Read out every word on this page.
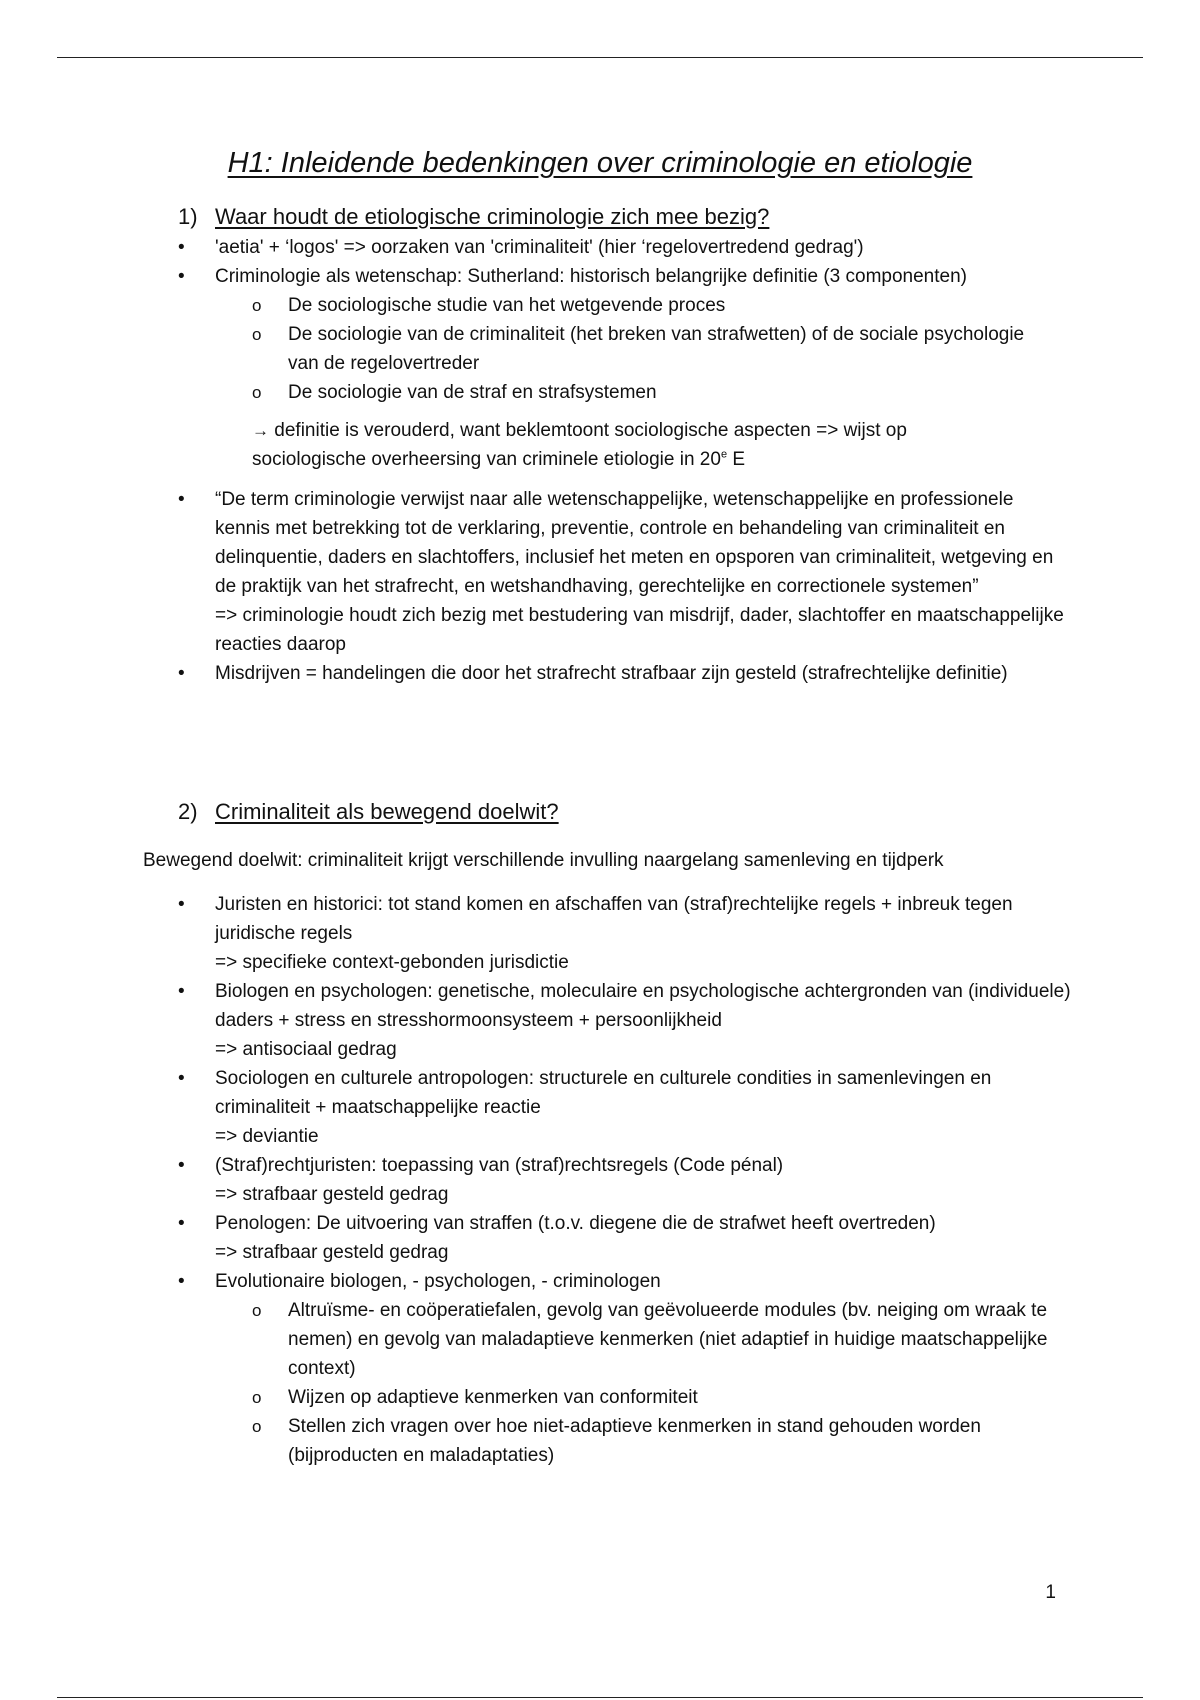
H1: Inleidende bedenkingen over criminologie en etiologie
1) Waar houdt de etiologische criminologie zich mee bezig?
• 'aetia' + ‘logos' => oorzaken van 'criminaliteit' (hier ‘regelovertredend gedrag')
• Criminologie als wetenschap: Sutherland: historisch belangrijke definitie (3 componenten)
o De sociologische studie van het wetgevende proces
o De sociologie van de criminaliteit (het breken van strafwetten) of de sociale psychologie van de regelovertreder
o De sociologie van de straf en strafsystemen
→ definitie is verouderd, want beklemtoont sociologische aspecten => wijst op sociologische overheersing van criminele etiologie in 20e E
• “De term criminologie verwijst naar alle wetenschappelijke, wetenschappelijke en professionele kennis met betrekking tot de verklaring, preventie, controle en behandeling van criminaliteit en delinquentie, daders en slachtoffers, inclusief het meten en opsporen van criminaliteit, wetgeving en de praktijk van het strafrecht, en wetshandhaving, gerechtelijke en correctionele systemen”
=> criminologie houdt zich bezig met bestudering van misdrijf, dader, slachtoffer en maatschappelijke reacties daarop
• Misdrijven = handelingen die door het strafrecht strafbaar zijn gesteld (strafrechtelijke definitie)
2) Criminaliteit als bewegend doelwit?
Bewegend doelwit: criminaliteit krijgt verschillende invulling naargelang samenleving en tijdperk
• Juristen en historici: tot stand komen en afschaffen van (straf)rechtelijke regels + inbreuk tegen juridische regels
=> specifieke context-gebonden jurisdictie
• Biologen en psychologen: genetische, moleculaire en psychologische achtergronden van (individuele) daders + stress en stresshormoonsysteem + persoonlijkheid
=> antisociaal gedrag
• Sociologen en culturele antropologen: structurele en culturele condities in samenlevingen en criminaliteit + maatschappelijke reactie
=> deviantie
• (Straf)rechtjuristen: toepassing van (straf)rechtsregels (Code pénal)
=> strafbaar gesteld gedrag
• Penologen: De uitvoering van straffen (t.o.v. diegene die de strafwet heeft overtreden)
=> strafbaar gesteld gedrag
• Evolutionaire biologen, - psychologen, - criminologen
o Altruïsme- en coöperatiefalen, gevolg van geëvolueerde modules (bv. neiging om wraak te nemen) en gevolg van maladaptieve kenmerken (niet adaptief in huidige maatschappelijke context)
o Wijzen op adaptieve kenmerken van conformiteit
o Stellen zich vragen over hoe niet-adaptieve kenmerken in stand gehouden worden (bijproducten en maladaptaties)
1
